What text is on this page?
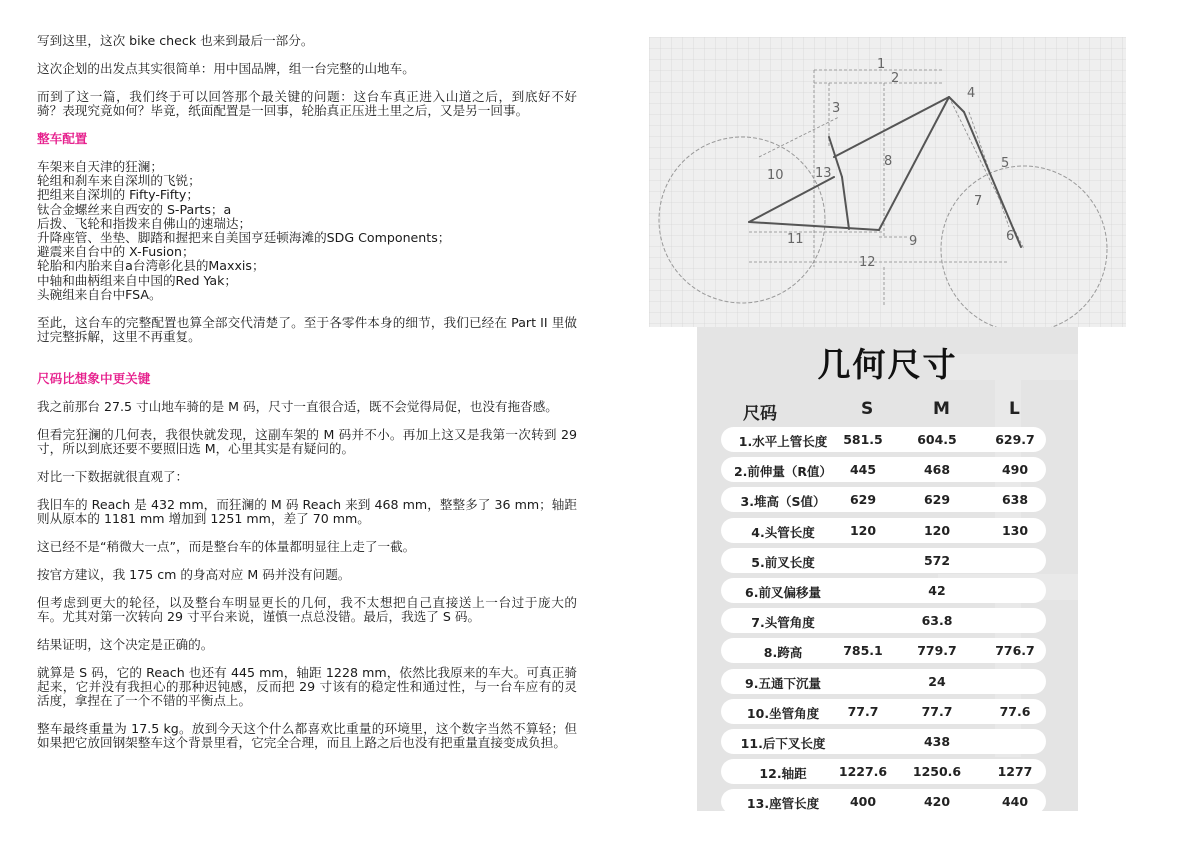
写到这里，这次 bike check 也来到最后一部分。

这次企划的出发点其实很简单：用中国品牌，组一台完整的山地车。

而到了这一篇，我们终于可以回答那个最关键的问题：这台车真正进入山道之后，到底好不好骑？表现究竟如何？毕竟，纸面配置是一回事，轮胎真正压进土里之后，又是另一回事。

整车配置
车架来自天津的狂澜；
轮组和刹车来自深圳的飞锐；
把组来自深圳的 Fifty-Fifty；
钛合金螺丝来自西安的 S-Parts；a
后拨、飞轮和指拨来自佛山的速瑞达；
升降座管、坐垫、脚踏和握把来自美国亨廷顿海滩的SDG Components；
避震来自台中的 X-Fusion；
轮胎和内胎来自a台湾彰化县的Maxxis；
中轴和曲柄组来自中国的Red Yak；
头碗组来自台中FSA。

至此，这台车的完整配置也算全部交代清楚了。至于各零件本身的细节，我们已经在 Part II 里做过完整拆解，这里不再重复。

尺码比想象中更关键

我之前那台 27.5 寸山地车骑的是 M 码，尺寸一直很合适，既不会觉得局促，也没有拖沓感。

但看完狂澜的几何表，我很快就发现，这副车架的 M 码并不小。再加上这又是我第一次转到 29 寸，所以到底还要不要照旧选 M，心里其实是有疑问的。

对比一下数据就很直观了：

我旧车的 Reach 是 432 mm，而狂澜的 M 码 Reach 来到 468 mm，整整多了 36 mm；轴距则从原本的 1181 mm 增加到 1251 mm，差了 70 mm。

这已经不是“稍微大一点”，而是整台车的体量都明显往上走了一截。

按官方建议，我 175 cm 的身高对应 M 码并没有问题。

但考虑到更大的轮径，以及整台车明显更长的几何，我不太想把自己直接送上一台过于庞大的车。尤其对第一次转向 29 寸平台来说，谨慎一点总没错。最后，我选了 S 码。

结果证明，这个决定是正确的。

就算是 S 码，它的 Reach 也还有 445 mm，轴距 1228 mm，依然比我原来的车大。可真正骑起来，它并没有我担心的那种迟钝感，反而把 29 寸该有的稳定性和通过性，与一台车应有的灵活度，拿捏在了一个不错的平衡点上。

整车最终重量为 17.5 kg。放到今天这个什么都喜欢比重量的环境里，这个数字当然不算轻；但如果把它放回钢架整车这个背景里看，它完全合理，而且上路之后也没有把重量直接变成负担。

1
2
3
4
5
6
7
8
9
10
11
12
13
几何尺寸
尺码	S	M	L
1.水平上管长度	581.5	604.5	629.7
2.前伸量（R值）	445	468	490
3.堆高（S值）	629	629	638
4.头管长度	120	120	130
5.前叉长度	572
6.前叉偏移量	42
7.头管角度	63.8
8.跨高	785.1	779.7	776.7
9.五通下沉量	24
10.坐管角度	77.7	77.7	77.6
11.后下叉长度	438
12.轴距	1227.6	1250.6	1277
13.座管长度	400	420	440
